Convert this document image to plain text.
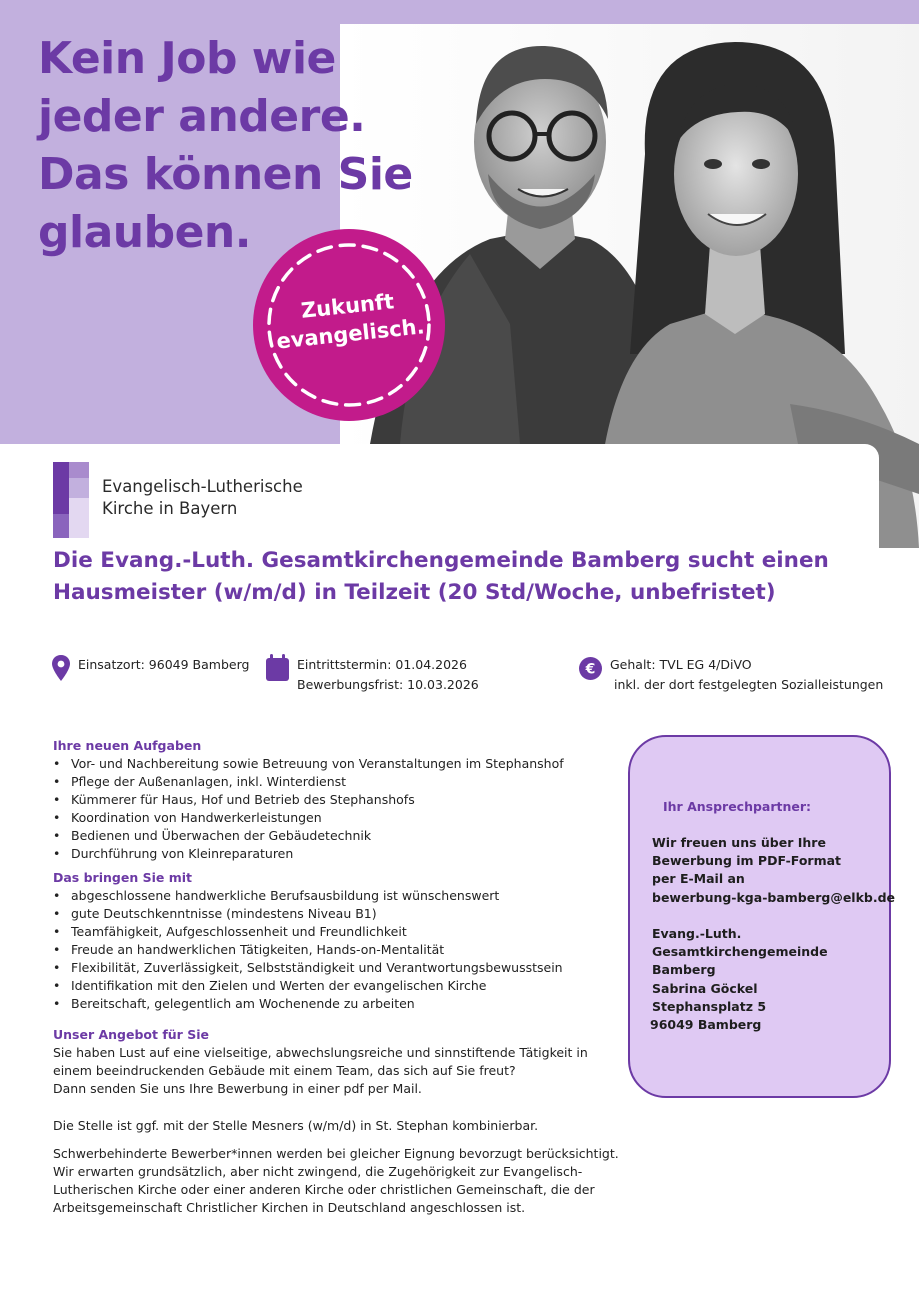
Kein Job wie
jeder andere.
Das können Sie
glauben.
Zukunft
evangelisch.
Evangelisch-Lutherische
Kirche in Bayern
Die Evang.-Luth. Gesamtkirchengemeinde Bamberg sucht einen
Hausmeister (w/m/d) in Teilzeit (20 Std/Woche, unbefristet)
Einsatzort: 96049 Bamberg	Eintrittstermin: 01.04.2026
Bewerbungsfrist: 10.03.2026
€ Gehalt: TVL EG 4/DiVO
inkl. der dort festgelegten Sozialleistungen
Ihre neuen Aufgaben
• Vor- und Nachbereitung sowie Betreuung von Veranstaltungen im Stephanshof
• Pflege der Außenanlagen, inkl. Winterdienst
• Kümmerer für Haus, Hof und Betrieb des Stephanshofs
• Koordination von Handwerkerleistungen
• Bedienen und Überwachen der Gebäudetechnik
• Durchführung von Kleinreparaturen
Das bringen Sie mit
• abgeschlossene handwerkliche Berufsausbildung ist wünschenswert
• gute Deutschkenntnisse (mindestens Niveau B1)
• Teamfähigkeit, Aufgeschlossenheit und Freundlichkeit
• Freude an handwerklichen Tätigkeiten, Hands-on-Mentalität
• Flexibilität, Zuverlässigkeit, Selbstständigkeit und Verantwortungsbewusstsein
• Identifikation mit den Zielen und Werten der evangelischen Kirche
• Bereitschaft, gelegentlich am Wochenende zu arbeiten
Unser Angebot für Sie

Sie haben Lust auf eine vielseitige, abwechslungsreiche und sinnstiftende Tätigkeit in

einem beeindruckenden Gebäude mit einem Team, das sich auf Sie freut?

Dann senden Sie uns Ihre Bewerbung in einer pdf per Mail.

Die Stelle ist ggf. mit der Stelle Mesners (w/m/d) in St. Stephan kombinierbar.

Schwerbehinderte Bewerber*innen werden bei gleicher Eignung bevorzugt berücksichtigt.

Wir erwarten grundsätzlich, aber nicht zwingend, die Zugehörigkeit zur Evangelisch-

Lutherischen Kirche oder einer anderen Kirche oder christlichen Gemeinschaft, die der

Arbeitsgemeinschaft Christlicher Kirchen in Deutschland angeschlossen ist.

Ihr Ansprechpartner:
Wir freuen uns über Ihre
Bewerbung im PDF-Format
per E-Mail an
bewerbung-kga-bamberg@elkb.de
Evang.-Luth.
Gesamtkirchengemeinde
Bamberg
Sabrina Göckel
Stephansplatz 5
96049 Bamberg
